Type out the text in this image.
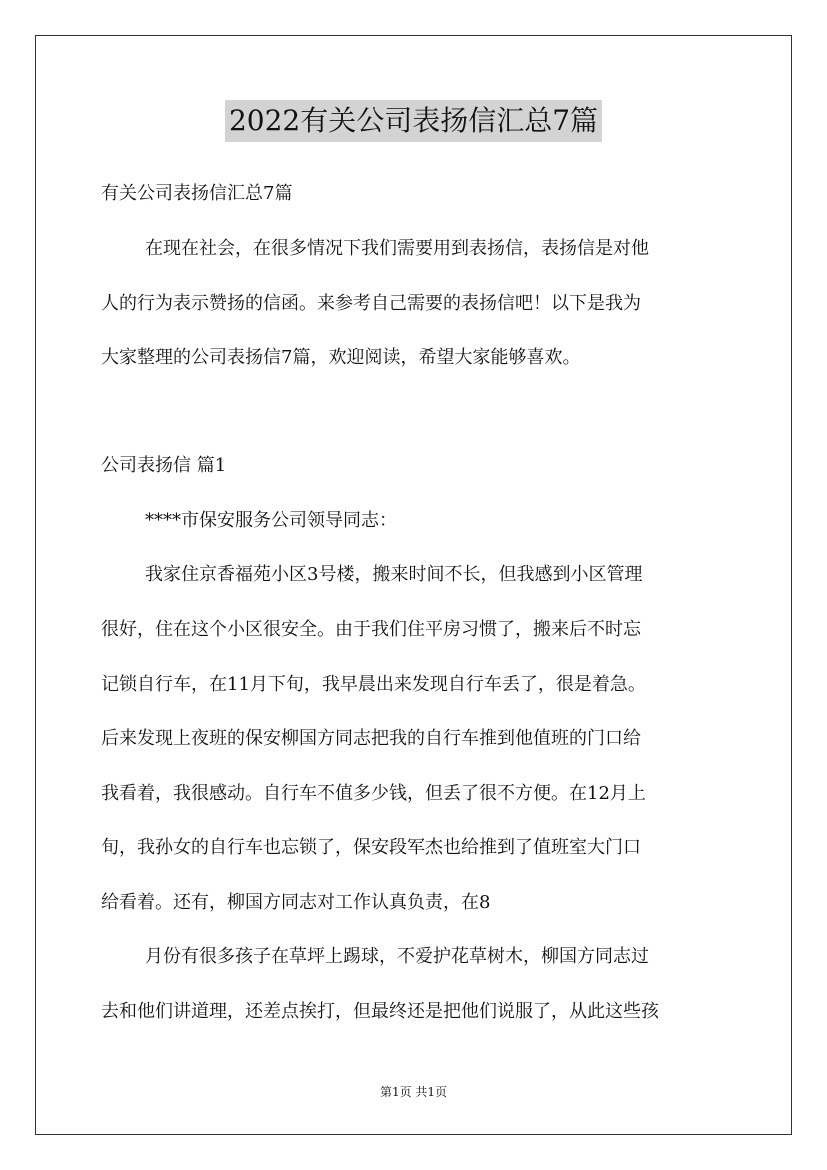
2022有关公司表扬信汇总7篇
有关公司表扬信汇总7篇
在现在社会，在很多情况下我们需要用到表扬信，表扬信是对他
人的行为表示赞扬的信函。来参考自己需要的表扬信吧！以下是我为
大家整理的公司表扬信7篇，欢迎阅读，希望大家能够喜欢。
公司表扬信 篇1
****市保安服务公司领导同志：
我家住京香福苑小区3号楼，搬来时间不长，但我感到小区管理
很好，住在这个小区很安全。由于我们住平房习惯了，搬来后不时忘
记锁自行车，在11月下旬，我早晨出来发现自行车丢了，很是着急。
后来发现上夜班的保安柳国方同志把我的自行车推到他值班的门口给
我看着，我很感动。自行车不值多少钱，但丢了很不方便。在12月上
旬，我孙女的自行车也忘锁了，保安段军杰也给推到了值班室大门口
给看着。还有，柳国方同志对工作认真负责，在8
月份有很多孩子在草坪上踢球，不爱护花草树木，柳国方同志过
去和他们讲道理，还差点挨打，但最终还是把他们说服了，从此这些孩
第1页 共1页
